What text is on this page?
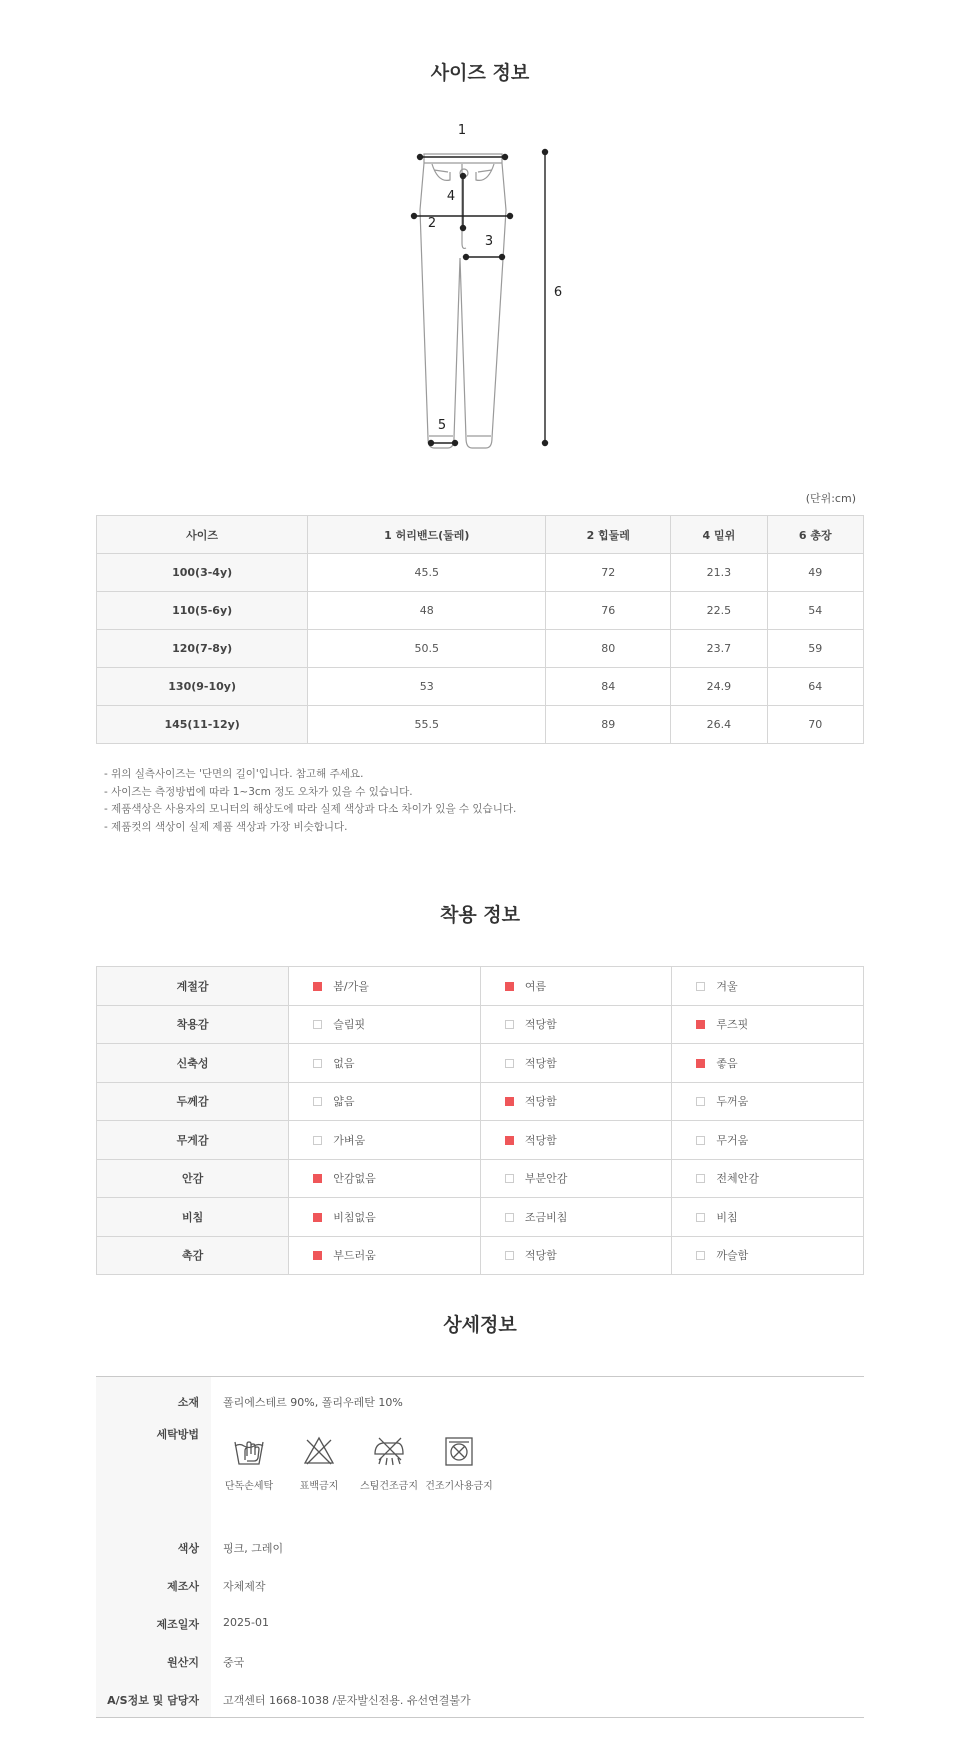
사이즈 정보
1
2
3
4
5
6
(단위:cm)
사이즈	1 허리밴드(둘레)	2 힙둘레	4 밑위	6 총장
100(3-4y)	45.5	72	21.3	49
110(5-6y)	48	76	22.5	54
120(7-8y)	50.5	80	23.7	59
130(9-10y)	53	84	24.9	64
145(11-12y)	55.5	89	26.4	70
- 위의 실측사이즈는 '단면의 길이'입니다. 참고해 주세요.
- 사이즈는 측정방법에 따라 1~3cm 정도 오차가 있을 수 있습니다.
- 제품색상은 사용자의 모니터의 해상도에 따라 실제 색상과 다소 차이가 있을 수 있습니다.
- 제품컷의 색상이 실제 제품 색상과 가장 비슷합니다.
착용 정보
계절감	봄/가을	여름	겨울
착용감	슬림핏	적당함	루즈핏
신축성	없음	적당함	좋음
두께감	얇음	적당함	두꺼움
무게감	가벼움	적당함	무거움
안감	안감없음	부분안감	전체안감
비침	비침없음	조금비침	비침
촉감	부드러움	적당함	까슬함
상세정보
소재 폴리에스테르 90%, 폴리우레탄 10%
세탁방법
단독손세탁	표백금지	스팀건조금지 건조기사용금지
색상 핑크, 그레이
제조사 자체제작
제조일자 2025-01
원산지 중국
A/S정보 및 담당자 고객센터 1668-1038 /문자발신전용. 유선연결불가
